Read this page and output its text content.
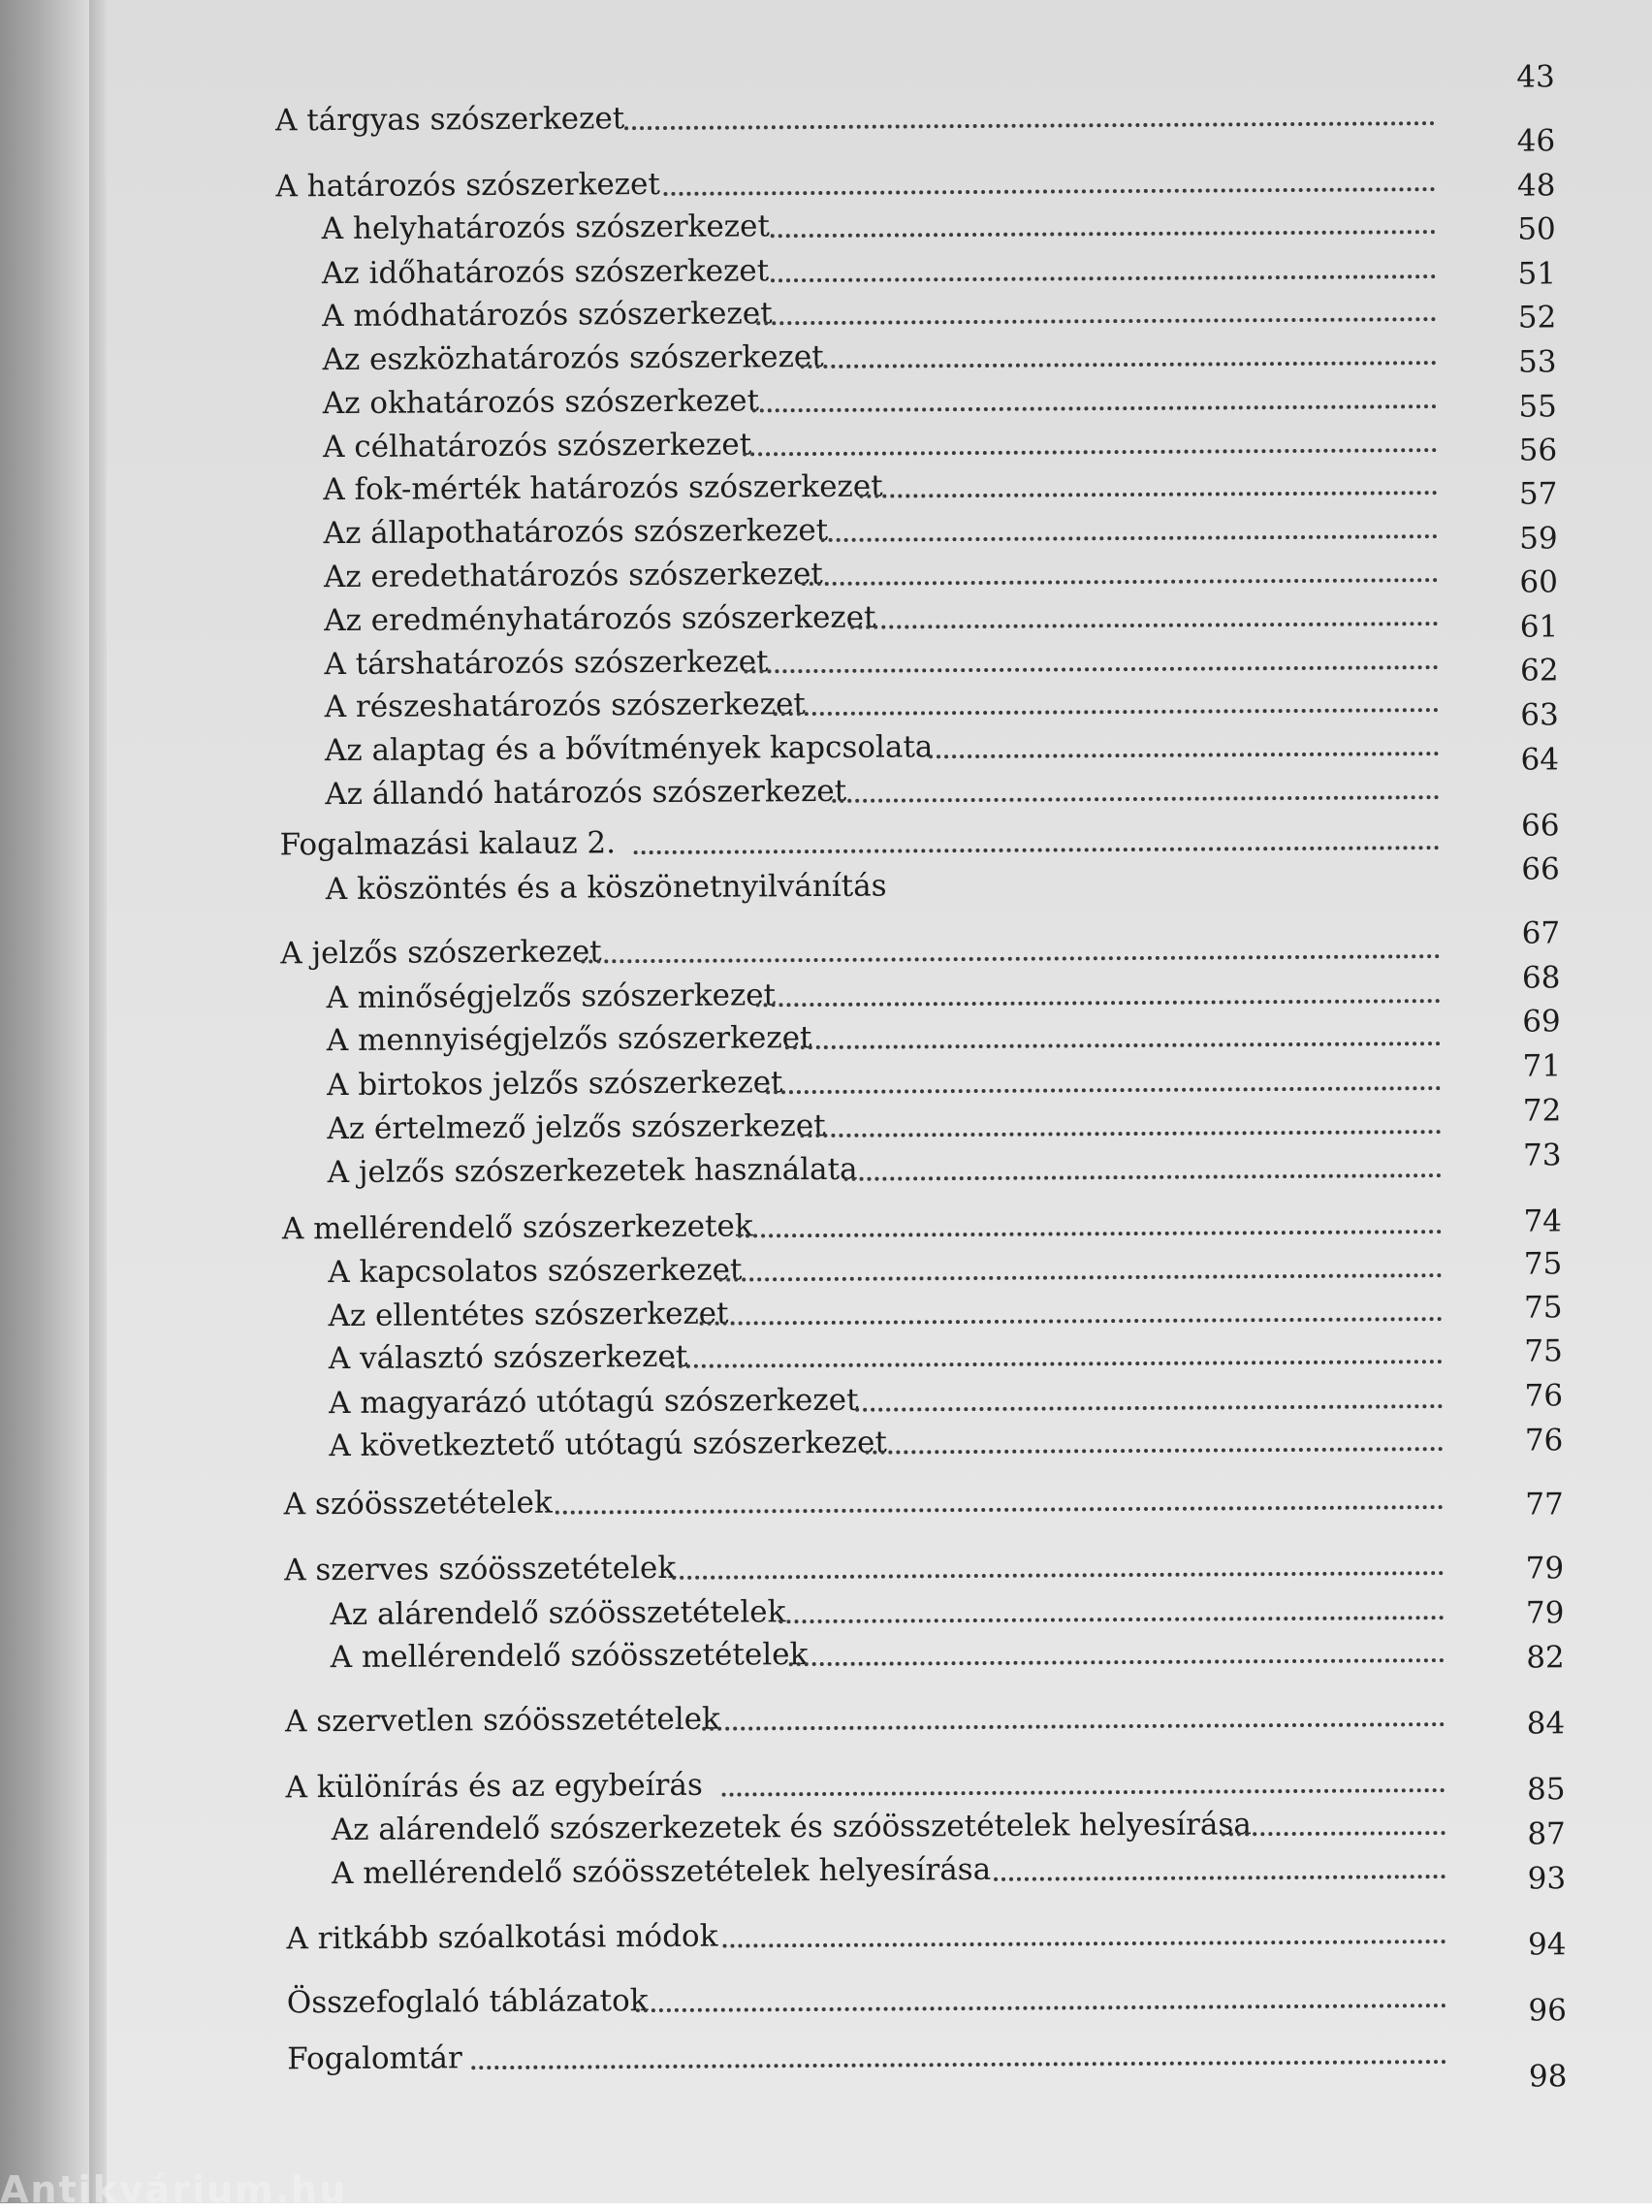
A tárgyas szószerkezet
A határozós szószerkezet
A helyhatározós szószerkezet
Az időhatározós szószerkezet
A módhatározós szószerkezet
Az eszközhatározós szószerkezet
Az okhatározós szószerkezet
A célhatározós szószerkezet
A fok-mérték határozós szószerkezet
Az állapothatározós szószerkezet
Az eredethatározós szószerkezet
Az eredményhatározós szószerkezet
A társhatározós szószerkezet
A részeshatározós szószerkezet
Az alaptag és a bővítmények kapcsolata
Az állandó határozós szószerkezet
Fogalmazási kalauz 2.
A köszöntés és a köszönetnyilvánítás
A jelzős szószerkezet
A minőségjelzős szószerkezet
A mennyiségjelzős szószerkezet
A birtokos jelzős szószerkezet
Az értelmező jelzős szószerkezet
A jelzős szószerkezetek használata
A mellérendelő szószerkezetek
A kapcsolatos szószerkezet
Az ellentétes szószerkezet
A választó szószerkezet
A magyarázó utótagú szószerkezet
A következtető utótagú szószerkezet
A szóösszetételek
A szerves szóösszetételek
Az alárendelő szóösszetételek
A mellérendelő szóösszetételek
A szervetlen szóösszetételek
A különírás és az egybeírás
Az alárendelő szószerkezetek és szóösszetételek helyesírása
A mellérendelő szóösszetételek helyesírása
A ritkább szóalkotási módok
Összefoglaló táblázatok
Fogalomtár
43
46
48
50
51
52
53
55
56
57
59
60
61
62
63
64
66
66
67
68
69
71
72
73
74
75
75
75
76
76
77
79
79
82
84
85
87
93
94
96
98
Antikvárium.hu
